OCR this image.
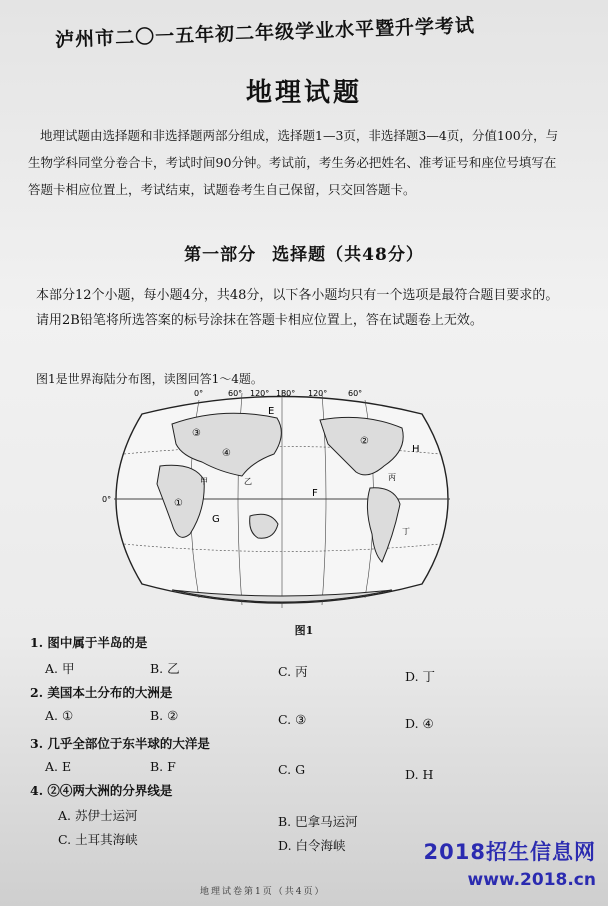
泸州市二〇一五年初二年级学业水平暨升学考试
地理试题
地理试题由选择题和非选择题两部分组成，选择题1—3页，非选择题3—4页，分值100分，与生物学科同堂分卷合卡，考试时间90分钟。考试前，考生务必把姓名、准考证号和座位号填写在答题卡相应位置上，考试结束，试题卷考生自己保留，只交回答题卡。
第一部分 选择题（共48分）
本部分12个小题，每小题4分，共48分，以下各小题均只有一个选项是最符合题目要求的。请用2B铅笔将所选答案的标号涂抹在答题卡相应位置上，答在试题卷上无效。
图1是世界海陆分布图，读图回答1～4题。
0°	60° 120° 180° 120°	60°
0°
E
F
G
H
①
②
③
④
甲	乙	丙
丁
图1
1. 图中属于半岛的是
A. 甲	B. 乙	C. 丙	D. 丁
2. 美国本土分布的大洲是
A. ①	B. ②	C. ③	D. ④
3. 几乎全部位于东半球的大洋是
A. E	B. F	C. G	D. H
4. ②④两大洲的分界线是
A. 苏伊士运河	B. 巴拿马运河
C. 土耳其海峡	D. 白令海峡
地理试卷第1页（共4页）
2018招生信息网
www.2018.cn
